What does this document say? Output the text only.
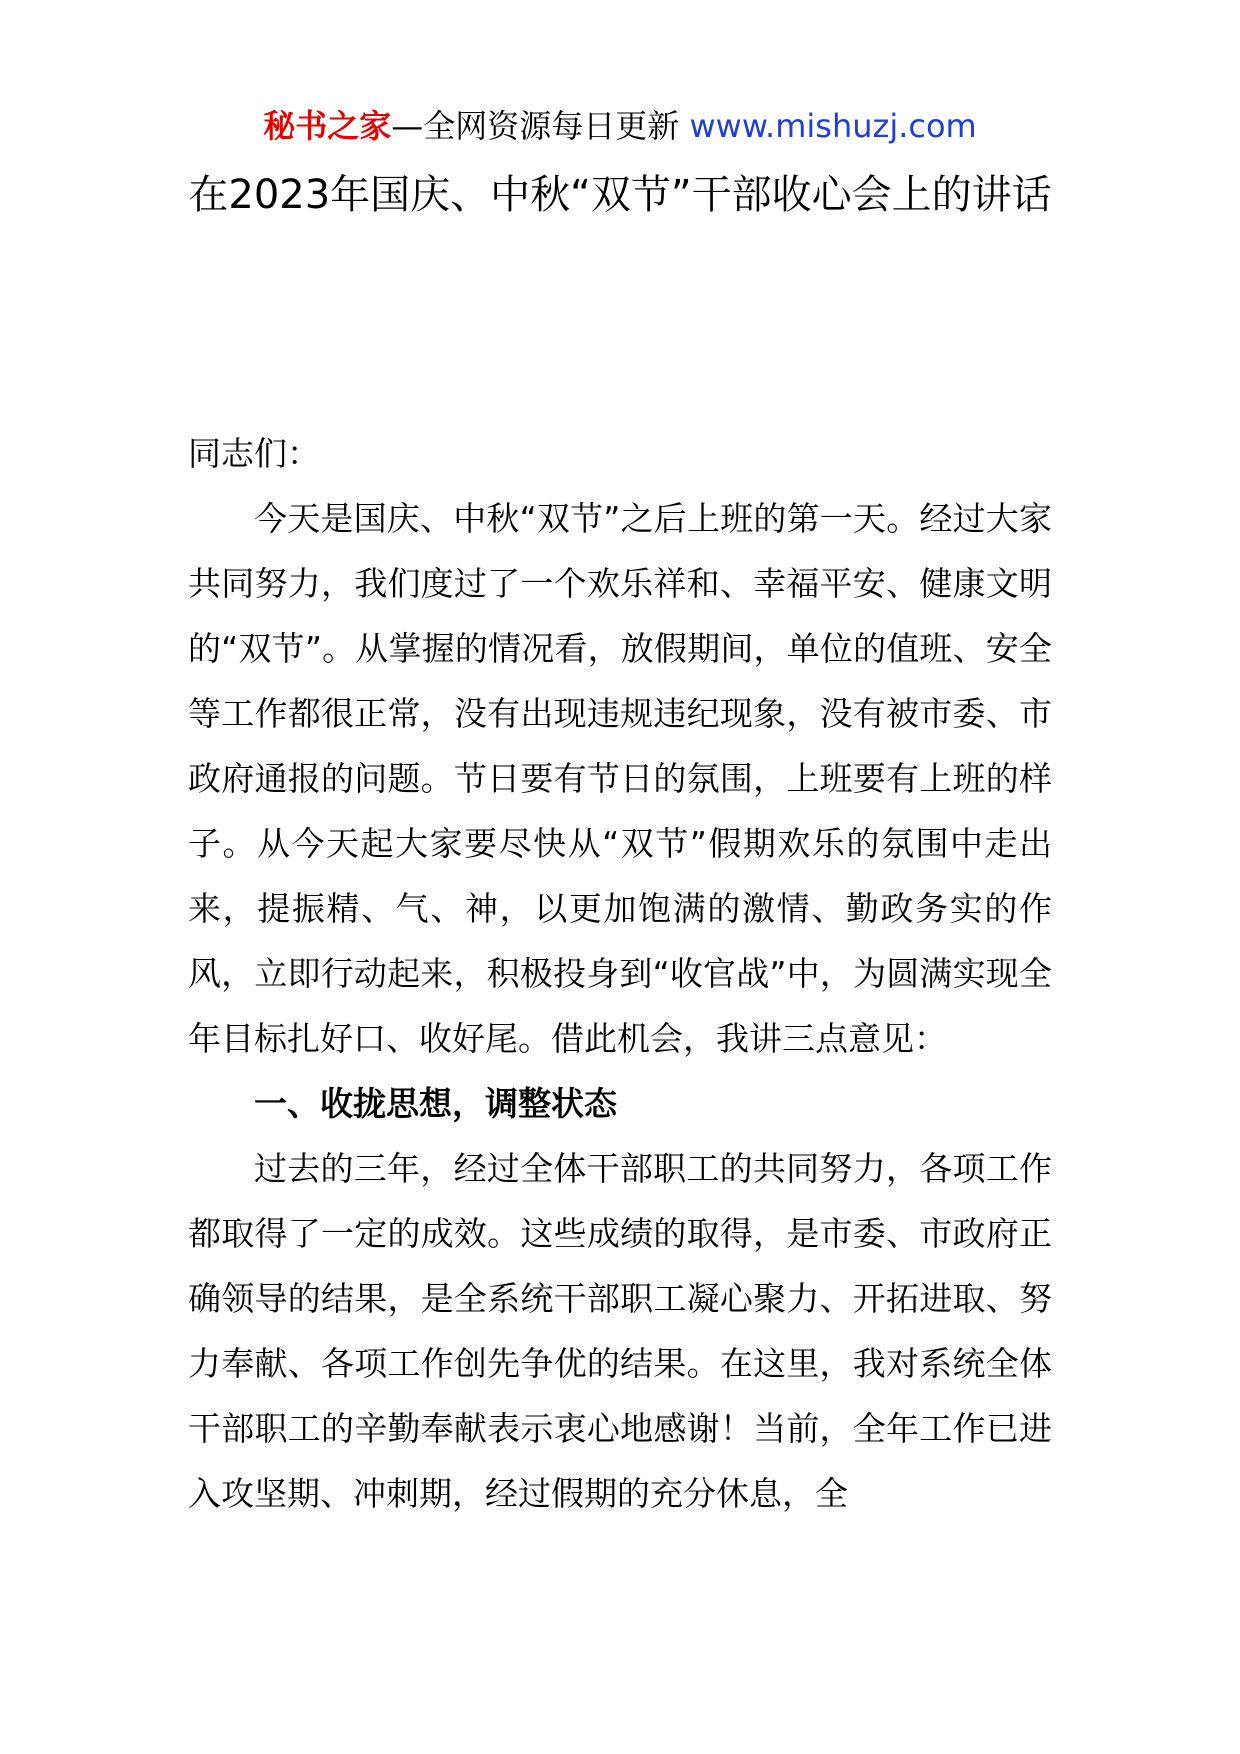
秘书之家—全网资源每日更新 www.mishuzj.com
在2023年国庆、中秋“双节”干部收心会上的讲话

同志们：

今天是国庆、中秋“双节”之后上班的第一天。经过大家共同努力，我们度过了一个欢乐祥和、幸福平安、健康文明的“双节”。从掌握的情况看，放假期间，单位的值班、安全等工作都很正常，没有出现违规违纪现象，没有被市委、市政府通报的问题。节日要有节日的氛围，上班要有上班的样子。从今天起大家要尽快从“双节”假期欢乐的氛围中走出来，提振精、气、神，以更加饱满的激情、勤政务实的作风，立即行动起来，积极投身到“收官战”中，为圆满实现全年目标扎好口、收好尾。借此机会，我讲三点意见：

一、收拢思想，调整状态

过去的三年，经过全体干部职工的共同努力，各项工作都取得了一定的成效。这些成绩的取得，是市委、市政府正确领导的结果，是全系统干部职工凝心聚力、开拓进取、努力奉献、各项工作创先争优的结果。在这里，我对系统全体干部职工的辛勤奉献表示衷心地感谢！当前，全年工作已进入攻坚期、冲刺期，经过假期的充分休息，全
